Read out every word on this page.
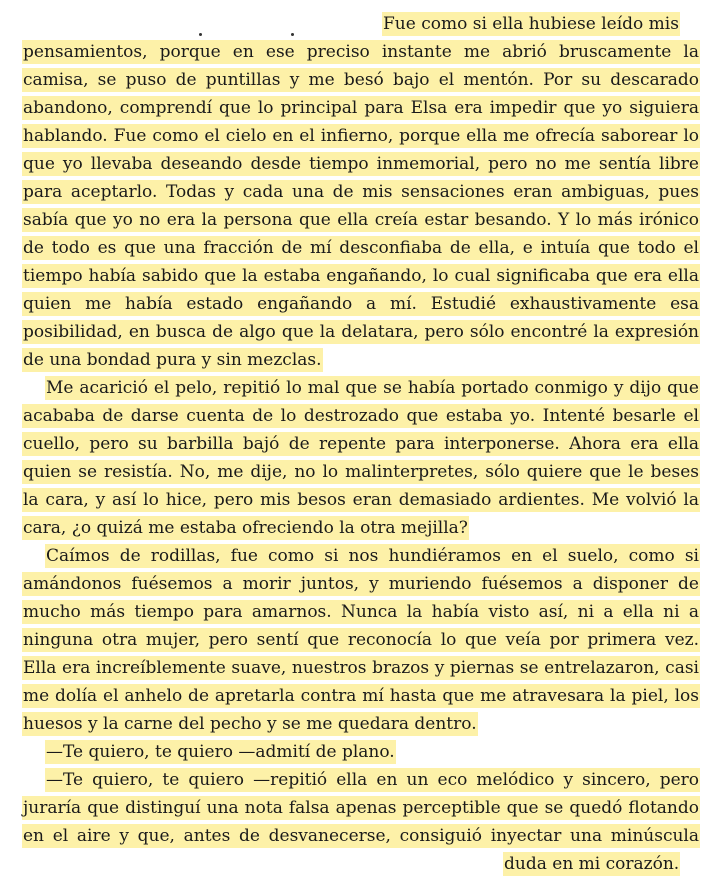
Fue como si ella hubiese leído mis
pensamientos, porque en ese preciso instante me abrió bruscamente la
camisa, se puso de puntillas y me besó bajo el mentón. Por su descarado
abandono, comprendí que lo principal para Elsa era impedir que yo siguiera
hablando. Fue como el cielo en el infierno, porque ella me ofrecía saborear lo
que yo llevaba deseando desde tiempo inmemorial, pero no me sentía libre
para aceptarlo. Todas y cada una de mis sensaciones eran ambiguas, pues
sabía que yo no era la persona que ella creía estar besando. Y lo más irónico
de todo es que una fracción de mí desconfiaba de ella, e intuía que todo el
tiempo había sabido que la estaba engañando, lo cual significaba que era ella
quien me había estado engañando a mí. Estudié exhaustivamente esa
posibilidad, en busca de algo que la delatara, pero sólo encontré la expresión
de una bondad pura y sin mezclas.
Me acarició el pelo, repitió lo mal que se había portado conmigo y dijo que
acababa de darse cuenta de lo destrozado que estaba yo. Intenté besarle el
cuello, pero su barbilla bajó de repente para interponerse. Ahora era ella
quien se resistía. No, me dije, no lo malinterpretes, sólo quiere que le beses
la cara, y así lo hice, pero mis besos eran demasiado ardientes. Me volvió la
cara, ¿o quizá me estaba ofreciendo la otra mejilla?
Caímos de rodillas, fue como si nos hundiéramos en el suelo, como si
amándonos fuésemos a morir juntos, y muriendo fuésemos a disponer de
mucho más tiempo para amarnos. Nunca la había visto así, ni a ella ni a
ninguna otra mujer, pero sentí que reconocía lo que veía por primera vez.
Ella era increíblemente suave, nuestros brazos y piernas se entrelazaron, casi
me dolía el anhelo de apretarla contra mí hasta que me atravesara la piel, los
huesos y la carne del pecho y se me quedara dentro.
—Te quiero, te quiero —admití de plano.
—Te quiero, te quiero —repitió ella en un eco melódico y sincero, pero
juraría que distinguí una nota falsa apenas perceptible que se quedó flotando
en el aire y que, antes de desvanecerse, consiguió inyectar una minúscula
duda en mi corazón.
